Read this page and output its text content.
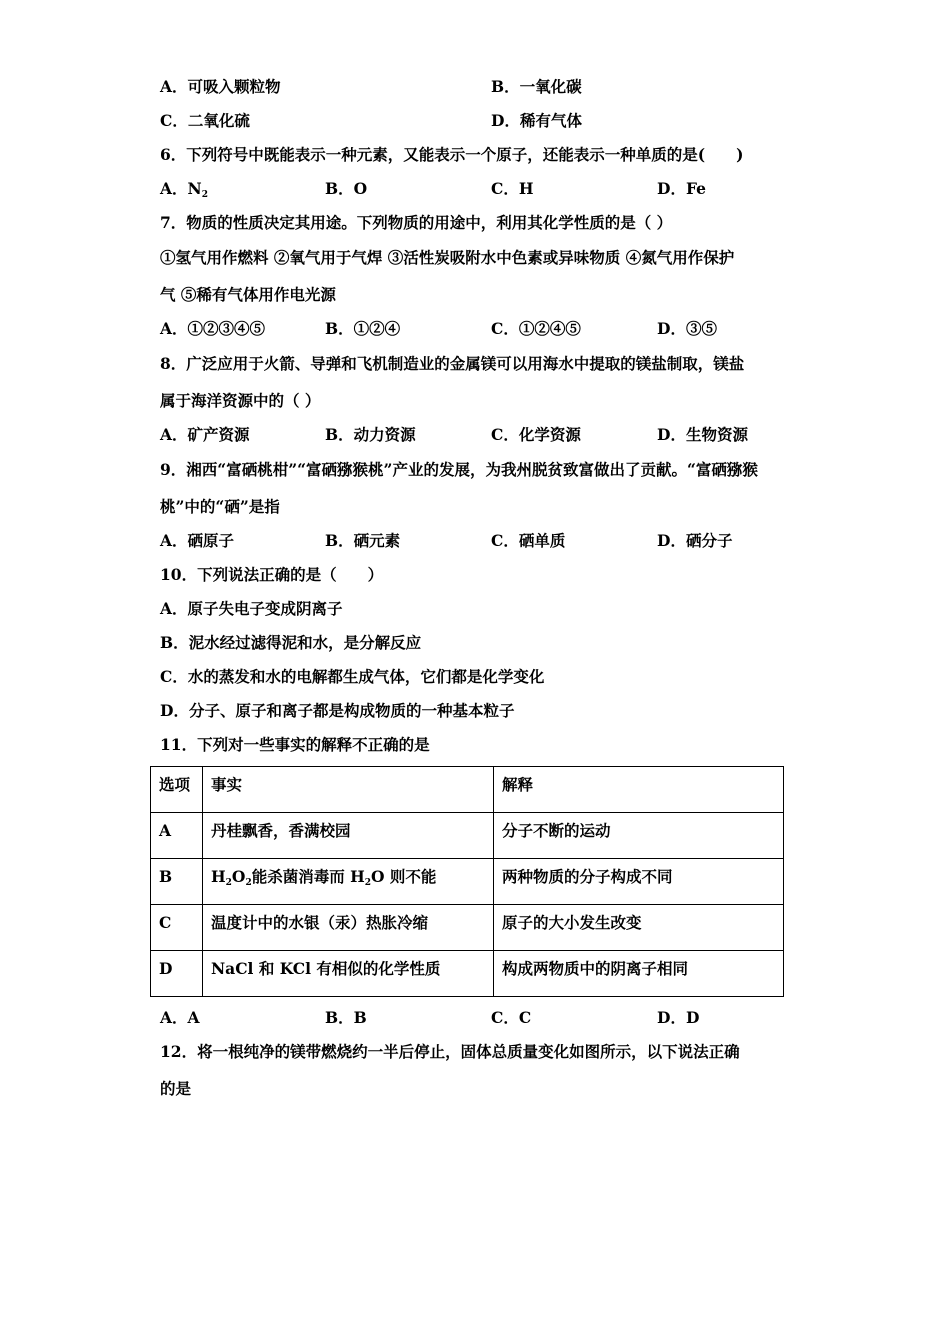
A．可吸入颗粒物	B．一氧化碳
C．二氧化硫	D．稀有气体
6．下列符号中既能表示一种元素，又能表示一个原子，还能表示一种单质的是(　　)
A．$N_2$	B．O	C．H	D．Fe
7．物质的性质决定其用途。下列物质的用途中，利用其化学性质的是（ ）
①氢气用作燃料 ②氧气用于气焊 ③活性炭吸附水中色素或异味物质 ④氮气用作保护
气 ⑤稀有气体用作电光源
A．①②③④⑤	B．①②④	C．①②④⑤	D．③⑤
8．广泛应用于火箭、导弹和飞机制造业的金属镁可以用海水中提取的镁盐制取，镁盐
属于海洋资源中的（ ）
A．矿产资源	B．动力资源	C．化学资源	D．生物资源
9．湘西“富硒桃柑”“富硒猕猴桃”产业的发展，为我州脱贫致富做出了贡献。“富硒猕猴
桃”中的“硒”是指
A．硒原子	B．硒元素	C．硒单质	D．硒分子
10．下列说法正确的是（　　）
A．原子失电子变成阴离子
B．泥水经过滤得泥和水，是分解反应
C．水的蒸发和水的电解都生成气体，它们都是化学变化
D．分子、原子和离子都是构成物质的一种基本粒子
11．下列对一些事实的解释不正确的是
选项	事实	解释
A	丹桂飘香，香满校园	分子不断的运动
B	$H_2O_2$能杀菌消毒而 $H_2O$ 则不能	两种物质的分子构成不同
C	温度计中的水银（汞）热胀冷缩	原子的大小发生改变
D	NaCl 和 KCl 有相似的化学性质	构成两物质中的阴离子相同
A．A	B．B	C．C	D．D
12．将一根纯净的镁带燃烧约一半后停止，固体总质量变化如图所示，以下说法正确
的是
